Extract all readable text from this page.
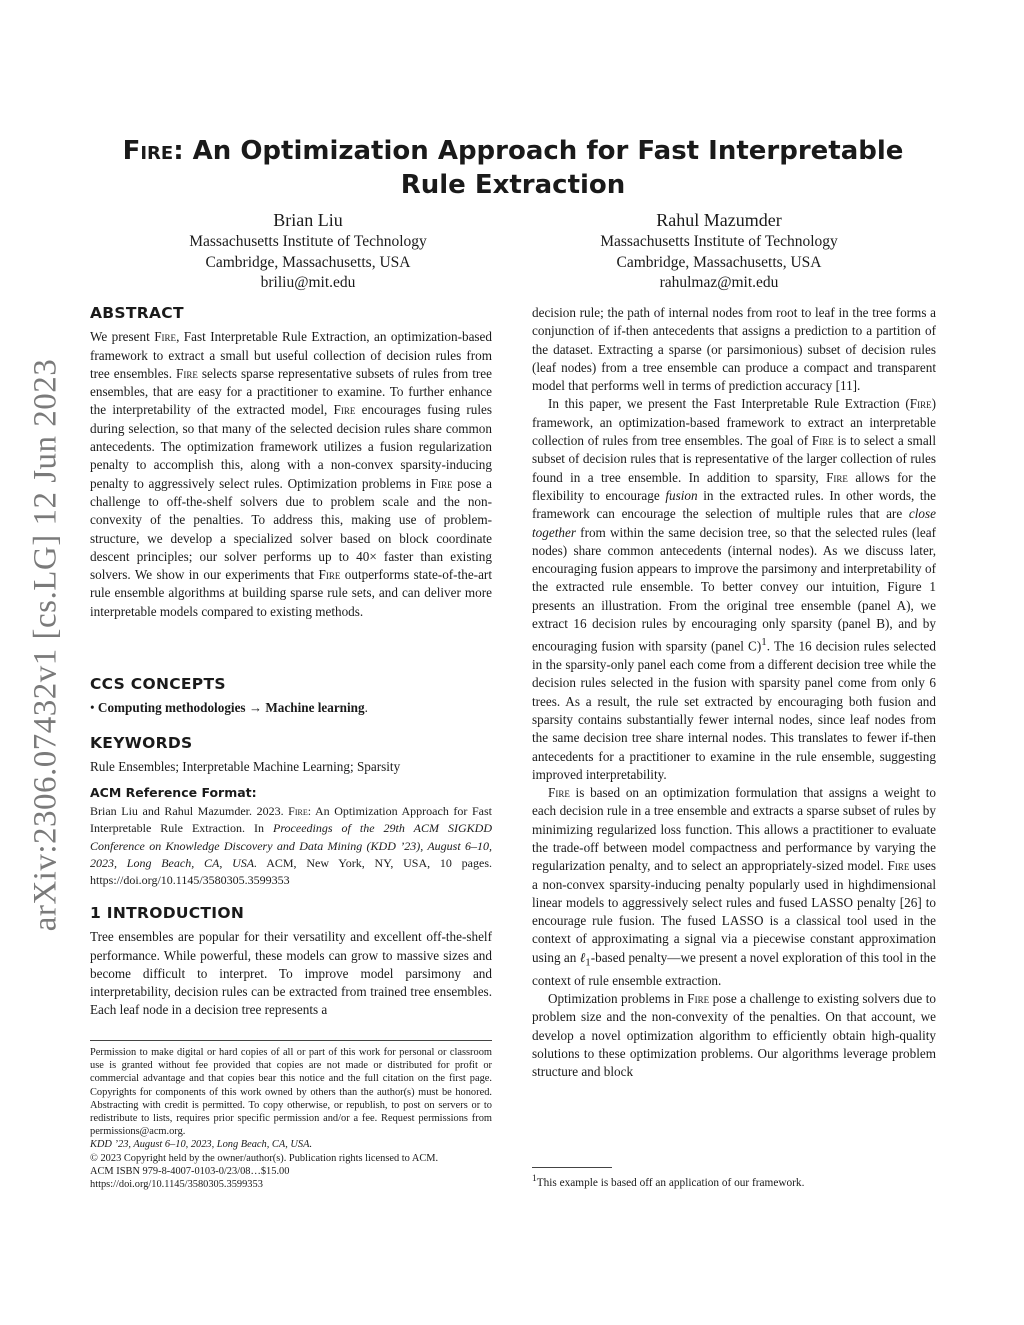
arXiv:2306.07432v1 [cs.LG] 12 Jun 2023
Fire: An Optimization Approach for Fast Interpretable Rule Extraction
Brian Liu
Massachusetts Institute of Technology
Cambridge, Massachusetts, USA
briliu@mit.edu
Rahul Mazumder
Massachusetts Institute of Technology
Cambridge, Massachusetts, USA
rahulmaz@mit.edu
ABSTRACT

We present Fire, Fast Interpretable Rule Extraction, an optimization-based framework to extract a small but useful collection of decision rules from tree ensembles. Fire selects sparse representative subsets of rules from tree ensembles, that are easy for a practitioner to examine. To further enhance the interpretability of the extracted model, Fire encourages fusing rules during selection, so that many of the selected decision rules share common antecedents. The optimization framework utilizes a fusion regularization penalty to accomplish this, along with a non-convex sparsity-inducing penalty to aggressively select rules. Optimization problems in Fire pose a challenge to off-the-shelf solvers due to problem scale and the non-convexity of the penalties. To address this, making use of problem-structure, we develop a specialized solver based on block coordinate descent principles; our solver performs up to 40× faster than existing solvers. We show in our experiments that Fire outperforms state-of-the-art rule ensemble algorithms at building sparse rule sets, and can deliver more interpretable models compared to existing methods.

CCS CONCEPTS

• Computing methodologies → Machine learning.

KEYWORDS

Rule Ensembles; Interpretable Machine Learning; Sparsity

ACM Reference Format:

Brian Liu and Rahul Mazumder. 2023. Fire: An Optimization Approach for Fast Interpretable Rule Extraction. In Proceedings of the 29th ACM SIGKDD Conference on Knowledge Discovery and Data Mining (KDD ’23), August 6–10, 2023, Long Beach, CA, USA. ACM, New York, NY, USA, 10 pages. https://doi.org/10.1145/3580305.3599353

1 INTRODUCTION

Tree ensembles are popular for their versatility and excellent off-the-shelf performance. While powerful, these models can grow to massive sizes and become difficult to interpret. To improve model parsimony and interpretability, decision rules can be extracted from trained tree ensembles. Each leaf node in a decision tree represents a

Permission to make digital or hard copies of all or part of this work for personal or classroom use is granted without fee provided that copies are not made or distributed for profit or commercial advantage and that copies bear this notice and the full citation on the first page. Copyrights for components of this work owned by others than the author(s) must be honored. Abstracting with credit is permitted. To copy otherwise, or republish, to post on servers or to redistribute to lists, requires prior specific permission and/or a fee. Request permissions from permissions@acm.org.

KDD ’23, August 6–10, 2023, Long Beach, CA, USA.

© 2023 Copyright held by the owner/author(s). Publication rights licensed to ACM.

ACM ISBN 979-8-4007-0103-0/23/08…$15.00

https://doi.org/10.1145/3580305.3599353

decision rule; the path of internal nodes from root to leaf in the tree forms a conjunction of if-then antecedents that assigns a prediction to a partition of the dataset. Extracting a sparse (or parsimonious) subset of decision rules (leaf nodes) from a tree ensemble can produce a compact and transparent model that performs well in terms of prediction accuracy [11].

In this paper, we present the Fast Interpretable Rule Extraction (Fire) framework, an optimization-based framework to extract an interpretable collection of rules from tree ensembles. The goal of Fire is to select a small subset of decision rules that is representative of the larger collection of rules found in a tree ensemble. In addition to sparsity, Fire allows for the flexibility to encourage fusion in the extracted rules. In other words, the framework can encourage the selection of multiple rules that are close together from within the same decision tree, so that the selected rules (leaf nodes) share common antecedents (internal nodes). As we discuss later, encouraging fusion appears to improve the parsimony and interpretability of the extracted rule ensemble. To better convey our intuition, Figure 1 presents an illustration. From the original tree ensemble (panel A), we extract 16 decision rules by encouraging only sparsity (panel B), and by encouraging fusion with sparsity (panel C)$^1$. The 16 decision rules selected in the sparsity-only panel each come from a different decision tree while the decision rules selected in the fusion with sparsity panel come from only 6 trees. As a result, the rule set extracted by encouraging both fusion and sparsity contains substantially fewer internal nodes, since leaf nodes from the same decision tree share internal nodes. This translates to fewer if-then antecedents for a practitioner to examine in the rule ensemble, suggesting improved interpretability.

Fire is based on an optimization formulation that assigns a weight to each decision rule in a tree ensemble and extracts a sparse subset of rules by minimizing regularized loss function. This allows a practitioner to evaluate the trade-off between model compactness and performance by varying the regularization penalty, and to select an appropriately-sized model. Fire uses a non-convex sparsity-inducing penalty popularly used in highdimensional linear models to aggressively select rules and fused LASSO penalty [26] to encourage rule fusion. The fused LASSO is a classical tool used in the context of approximating a signal via a piecewise constant approximation using an ℓ$_1$-based penalty—we present a novel exploration of this tool in the context of rule ensemble extraction.

Optimization problems in Fire pose a challenge to existing solvers due to problem size and the non-convexity of the penalties. On that account, we develop a novel optimization algorithm to efficiently obtain high-quality solutions to these optimization problems. Our algorithms leverage problem structure and block

$^1$This example is based off an application of our framework.
